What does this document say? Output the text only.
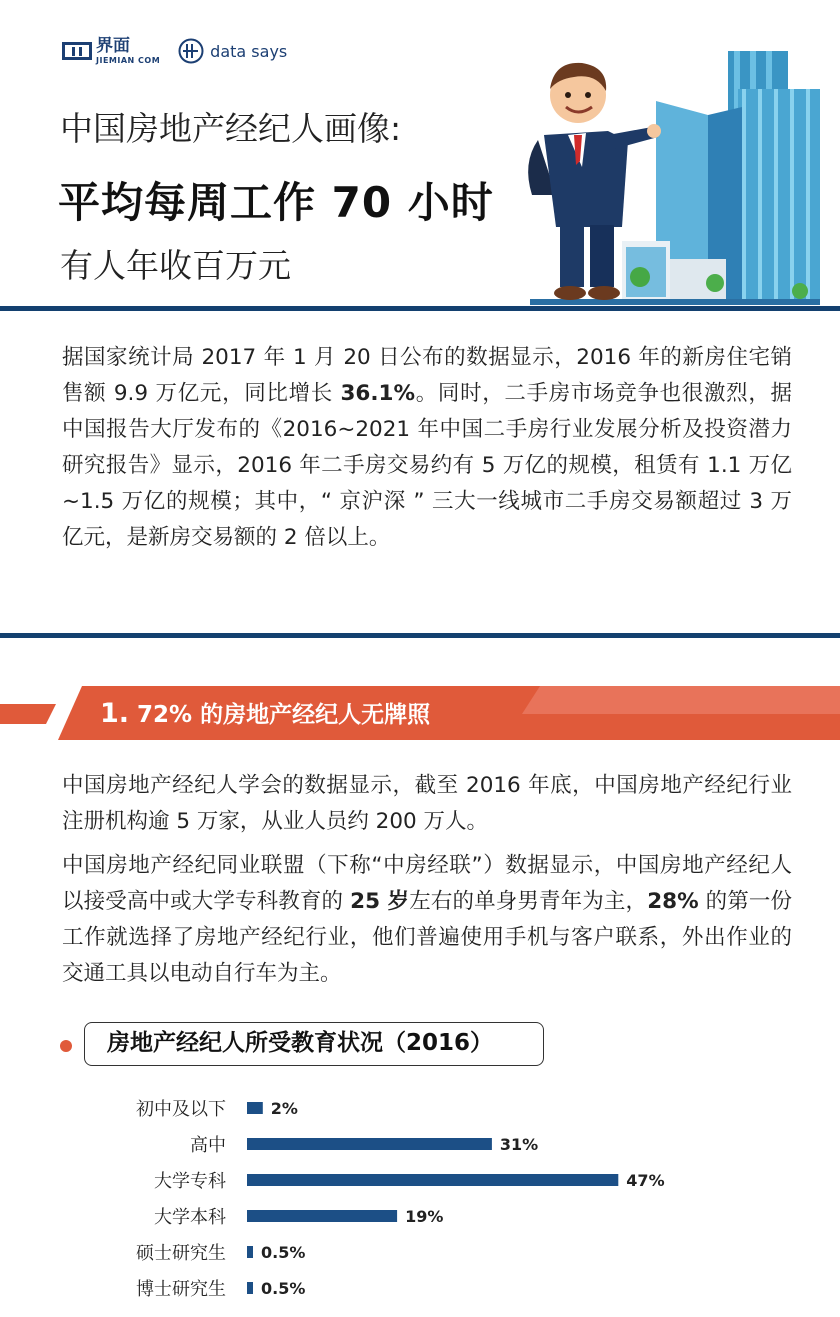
界面
JIEMIAN COM	data says
中国房地产经纪人画像:
平均每周工作 70 小时
有人年收百万元

据国家统计局 2017 年 1 月 20 日公布的数据显示，2016 年的新房住宅销售额 9.9 万亿元，同比增长 36.1%。同时，二手房市场竞争也很激烈，据中国报告大厅发布的《2016~2021 年中国二手房行业发展分析及投资潜力研究报告》显示，2016 年二手房交易约有 5 万亿的规模，租赁有 1.1 万亿 ~1.5 万亿的规模；其中，“ 京沪深 ” 三大一线城市二手房交易额超过 3 万亿元，是新房交易额的 2 倍以上。

1. 72% 的房地产经纪人无牌照

中国房地产经纪人学会的数据显示，截至 2016 年底，中国房地产经纪行业注册机构逾 5 万家，从业人员约 200 万人。

中国房地产经纪同业联盟（下称“中房经联”）数据显示，中国房地产经纪人以接受高中或大学专科教育的 25 岁左右的单身男青年为主，28% 的第一份工作就选择了房地产经纪行业，他们普遍使用手机与客户联系，外出作业的交通工具以电动自行车为主。

房地产经纪人所受教育状况（2016）
初中及以下	2%
高中	31%
大学专科	47%
大学本科	19%
硕士研究生 0.5%
博士研究生 0.5%
